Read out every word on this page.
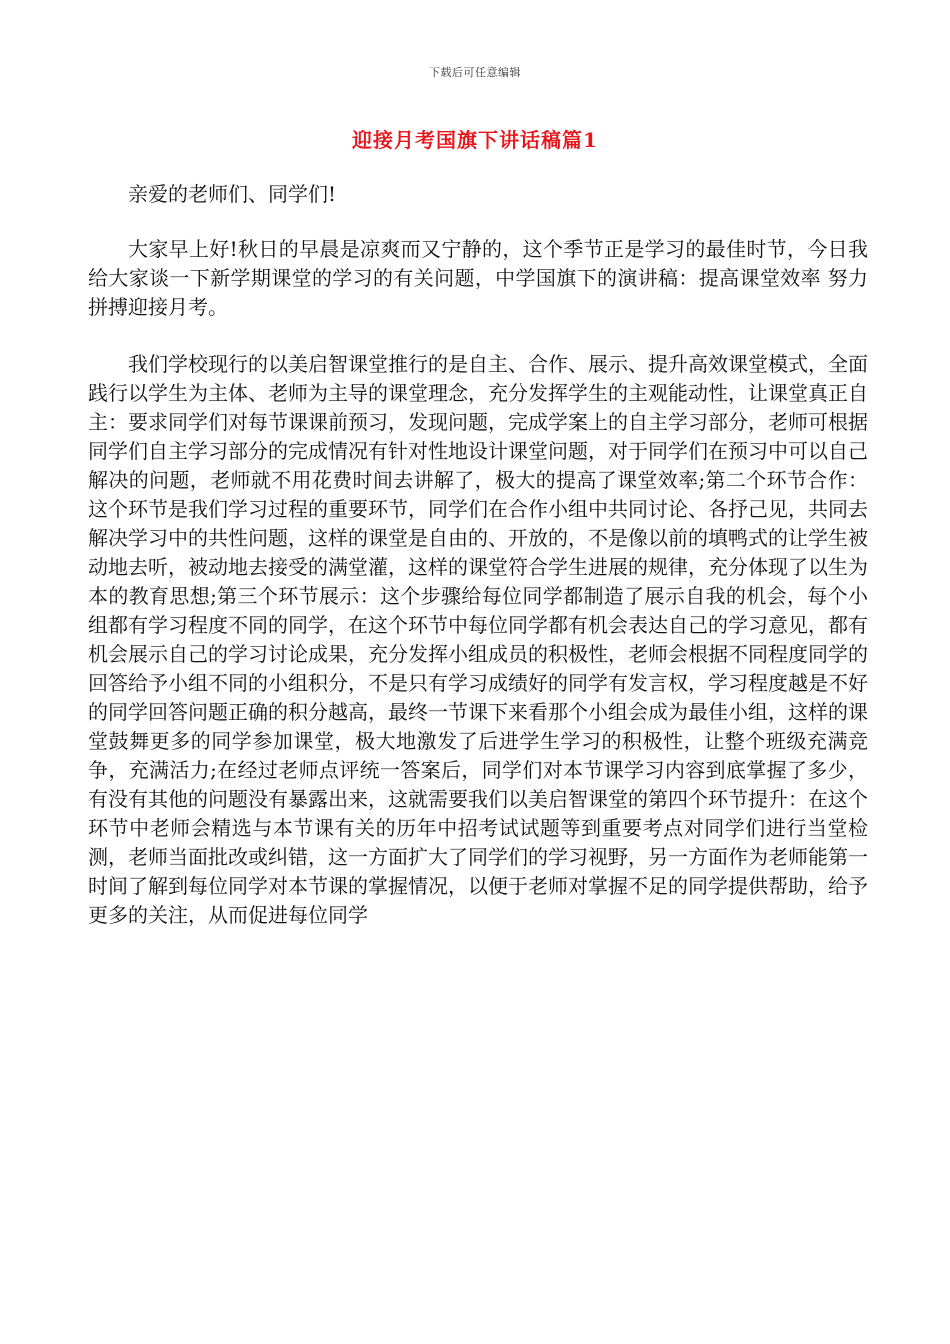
下载后可任意编辑
迎接月考国旗下讲话稿篇1

亲爱的老师们、同学们!

大家早上好!秋日的早晨是凉爽而又宁静的，这个季节正是学习的最佳时节，今日我给大家谈一下新学期课堂的学习的有关问题，中学国旗下的演讲稿：提高课堂效率 努力拼搏迎接月考。

我们学校现行的以美启智课堂推行的是自主、合作、展示、提升高效课堂模式，全面践行以学生为主体、老师为主导的课堂理念，充分发挥学生的主观能动性，让课堂真正自主：要求同学们对每节课课前预习，发现问题，完成学案上的自主学习部分，老师可根据同学们自主学习部分的完成情况有针对性地设计课堂问题，对于同学们在预习中可以自己解决的问题，老师就不用花费时间去讲解了，极大的提高了课堂效率;第二个环节合作：这个环节是我们学习过程的重要环节，同学们在合作小组中共同讨论、各抒己见，共同去解决学习中的共性问题，这样的课堂是自由的、开放的，不是像以前的填鸭式的让学生被动地去听，被动地去接受的满堂灌，这样的课堂符合学生进展的规律，充分体现了以生为本的教育思想;第三个环节展示：这个步骤给每位同学都制造了展示自我的机会，每个小组都有学习程度不同的同学，在这个环节中每位同学都有机会表达自己的学习意见，都有机会展示自己的学习讨论成果，充分发挥小组成员的积极性，老师会根据不同程度同学的回答给予小组不同的小组积分，不是只有学习成绩好的同学有发言权，学习程度越是不好的同学回答问题正确的积分越高，最终一节课下来看那个小组会成为最佳小组，这样的课堂鼓舞更多的同学参加课堂，极大地激发了后进学生学习的积极性，让整个班级充满竞争，充满活力;在经过老师点评统一答案后，同学们对本节课学习内容到底掌握了多少，有没有其他的问题没有暴露出来，这就需要我们以美启智课堂的第四个环节提升：在这个环节中老师会精选与本节课有关的历年中招考试试题等到重要考点对同学们进行当堂检测，老师当面批改或纠错，这一方面扩大了同学们的学习视野，另一方面作为老师能第一时间了解到每位同学对本节课的掌握情况，以便于老师对掌握不足的同学提供帮助，给予更多的关注，从而促进每位同学
